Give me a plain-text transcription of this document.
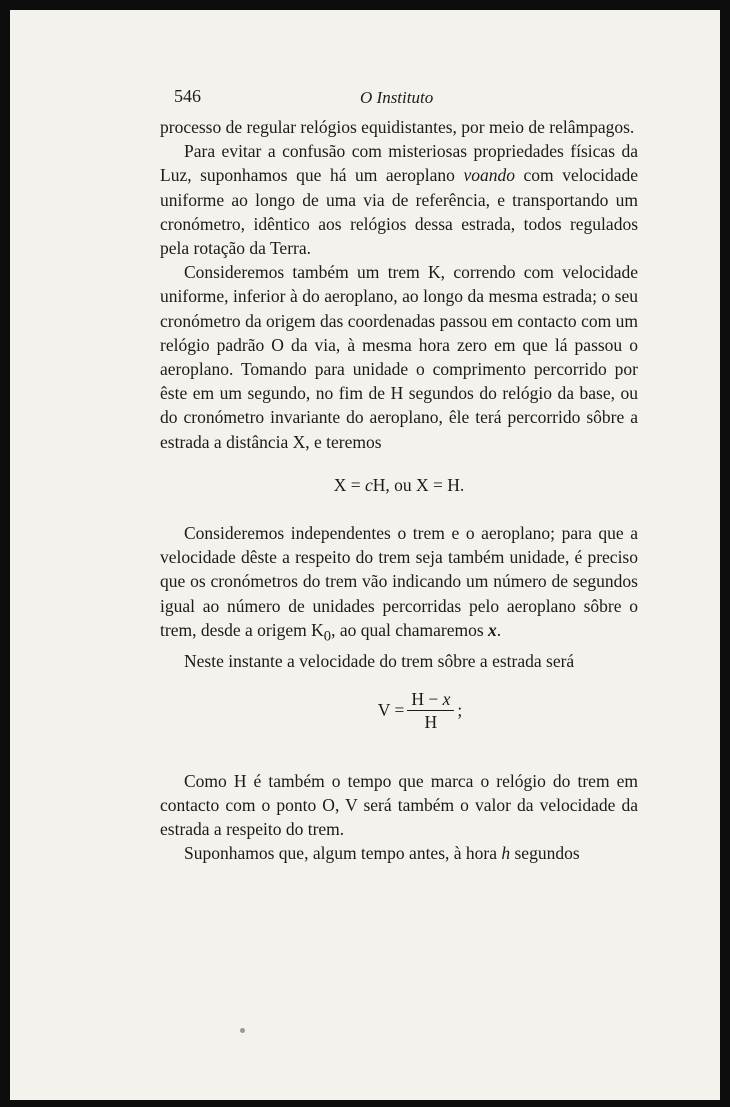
546	O Instituto

processo de regular relógios equidistantes, por meio de relâmpagos.

Para evitar a confusão com misteriosas propriedades físicas da Luz, suponhamos que há um aeroplano voando com velocidade uniforme ao longo de uma via de referência, e transportando um cronómetro, idêntico aos relógios dessa estrada, todos regulados pela rotação da Terra.

Consideremos também um trem K, correndo com velocidade uniforme, inferior à do aeroplano, ao longo da mesma estrada; o seu cronómetro da origem das coordenadas passou em contacto com um relógio padrão O da via, à mesma hora zero em que lá passou o aeroplano. Tomando para unidade o comprimento percorrido por êste em um segundo, no fim de H segundos do relógio da base, ou do cronómetro invariante do aeroplano, êle terá percorrido sôbre a estrada a distância X, e teremos

X = cH, ou X = H.

Consideremos independentes o trem e o aeroplano; para que a velocidade dêste a respeito do trem seja também unidade, é preciso que os cronómetros do trem vão indicando um número de segundos igual ao número de unidades percorridas pelo aeroplano sôbre o trem, desde a origem $K_0$, ao qual chamaremos x.

Neste instante a velocidade do trem sôbre a estrada será

$V = \frac{H - x}{H}$ ;

Como H é também o tempo que marca o relógio do trem em contacto com o ponto O, V será também o valor da velocidade da estrada a respeito do trem.

Suponhamos que, algum tempo antes, à hora h segundos
